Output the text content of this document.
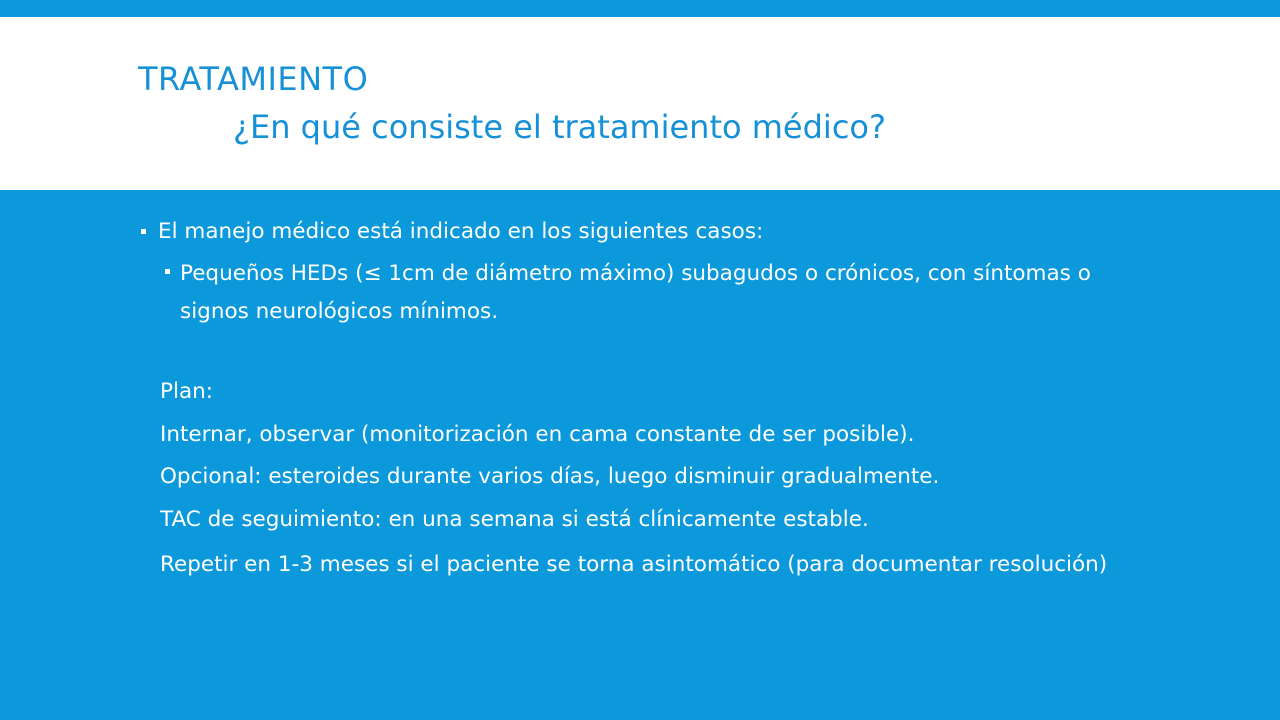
TRATAMIENTO
¿En qué consiste el tratamiento médico?
El manejo médico está indicado en los siguientes casos:
Pequeños HEDs (≤ 1cm de diámetro máximo) subagudos o crónicos, con síntomas o signos neurológicos mínimos.
Plan:
Internar, observar (monitorización en cama constante de ser posible).
Opcional: esteroides durante varios días, luego disminuir gradualmente.
TAC de seguimiento: en una semana si está clínicamente estable.
Repetir en 1-3 meses si el paciente se torna asintomático (para documentar resolución)
